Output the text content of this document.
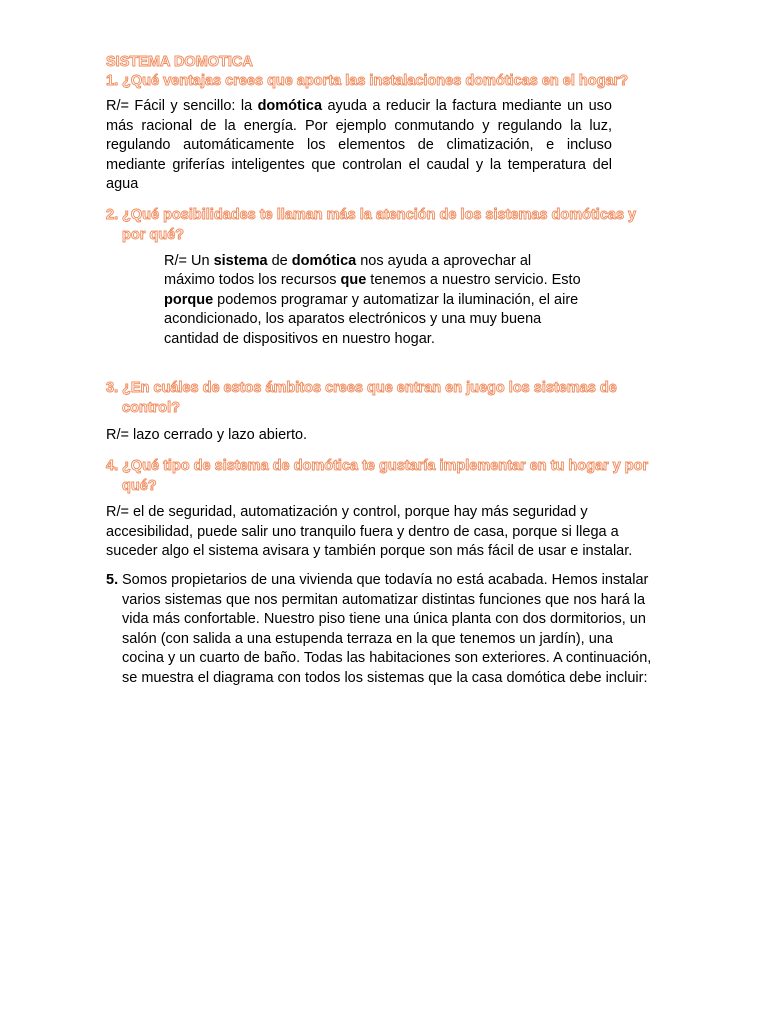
SISTEMA DOMOTICA
1. ¿Qué ventajas crees que aporta las instalaciones domóticas en el hogar?
R/= Fácil y sencillo: la domótica ayuda a reducir la factura mediante un uso más racional de la energía. Por ejemplo conmutando y regulando la luz, regulando automáticamente los elementos de climatización, e incluso mediante griferías inteligentes que controlan el caudal y la temperatura del agua
2. ¿Qué posibilidades te llaman más la atención de los sistemas domóticas y por qué?
R/= Un sistema de domótica nos ayuda a aprovechar al máximo todos los recursos que tenemos a nuestro servicio. Esto porque podemos programar y automatizar la iluminación, el aire acondicionado, los aparatos electrónicos y una muy buena cantidad de dispositivos en nuestro hogar.
3. ¿En cuáles de estos ámbitos crees que entran en juego los sistemas de control?
R/= lazo cerrado y lazo abierto.
4. ¿Qué tipo de sistema de domótica te gustaría implementar en tu hogar y por qué?
R/= el de seguridad, automatización y control, porque hay más seguridad y accesibilidad, puede salir uno tranquilo fuera y dentro de casa, porque si llega a suceder algo el sistema avisara y también porque son más fácil de usar e instalar.
5. Somos propietarios de una vivienda que todavía no está acabada. Hemos instalar varios sistemas que nos permitan automatizar distintas funciones que nos hará la vida más confortable. Nuestro piso tiene una única planta con dos dormitorios, un salón (con salida a una estupenda terraza en la que tenemos un jardín), una cocina y un cuarto de baño. Todas las habitaciones son exteriores. A continuación, se muestra el diagrama con todos los sistemas que la casa domótica debe incluir:
